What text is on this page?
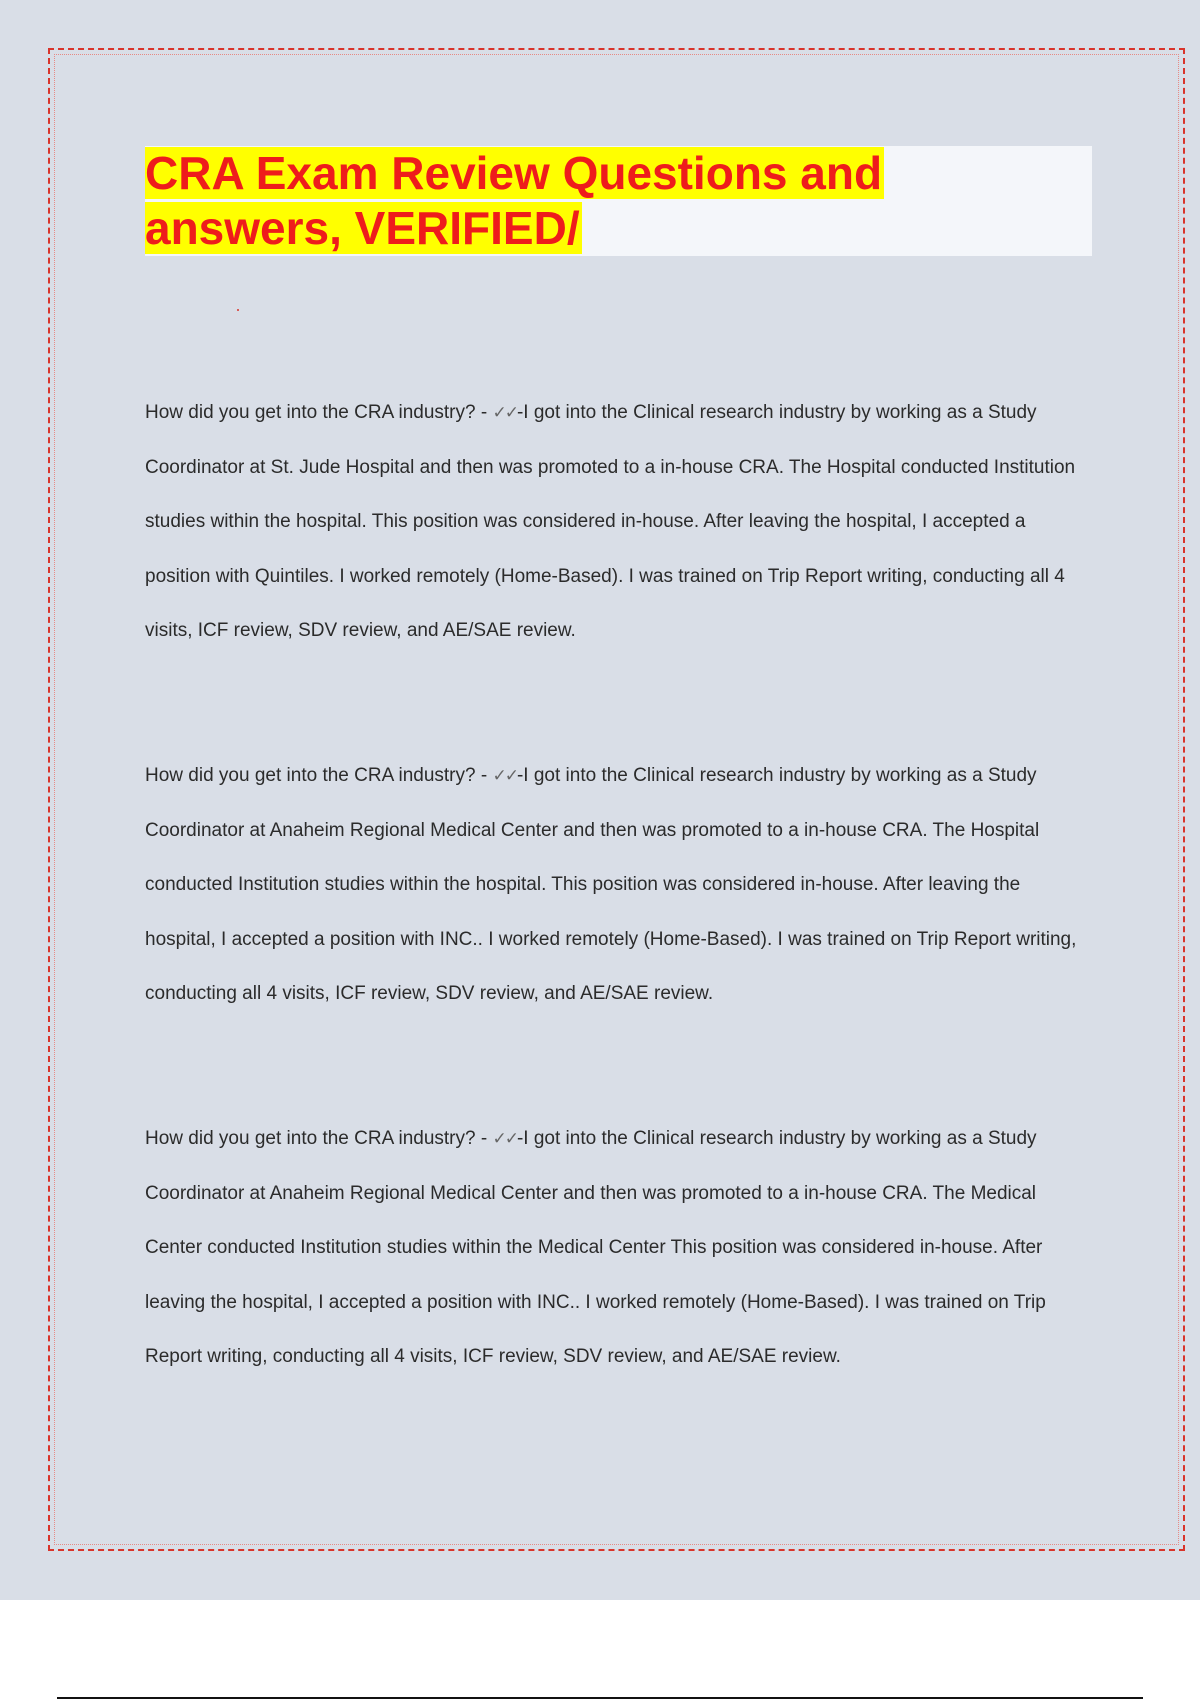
CRA Exam Review Questions and
answers, VERIFIED/

How did you get into the CRA industry? - ✓✓-I got into the Clinical research industry by working as a Study Coordinator at St. Jude Hospital and then was promoted to a in-house CRA. The Hospital conducted Institution studies within the hospital. This position was considered in-house. After leaving the hospital, I accepted a position with Quintiles. I worked remotely (Home-Based). I was trained on Trip Report writing, conducting all 4 visits, ICF review, SDV review, and AE/SAE review.

How did you get into the CRA industry? - ✓✓-I got into the Clinical research industry by working as a Study Coordinator at Anaheim Regional Medical Center and then was promoted to a in-house CRA. The Hospital conducted Institution studies within the hospital. This position was considered in-house. After leaving the hospital, I accepted a position with INC.. I worked remotely (Home-Based). I was trained on Trip Report writing, conducting all 4 visits, ICF review, SDV review, and AE/SAE review.

How did you get into the CRA industry? - ✓✓-I got into the Clinical research industry by working as a Study Coordinator at Anaheim Regional Medical Center and then was promoted to a in-house CRA. The Medical Center conducted Institution studies within the Medical Center This position was considered in-house. After leaving the hospital, I accepted a position with INC.. I worked remotely (Home-Based). I was trained on Trip Report writing, conducting all 4 visits, ICF review, SDV review, and AE/SAE review.
